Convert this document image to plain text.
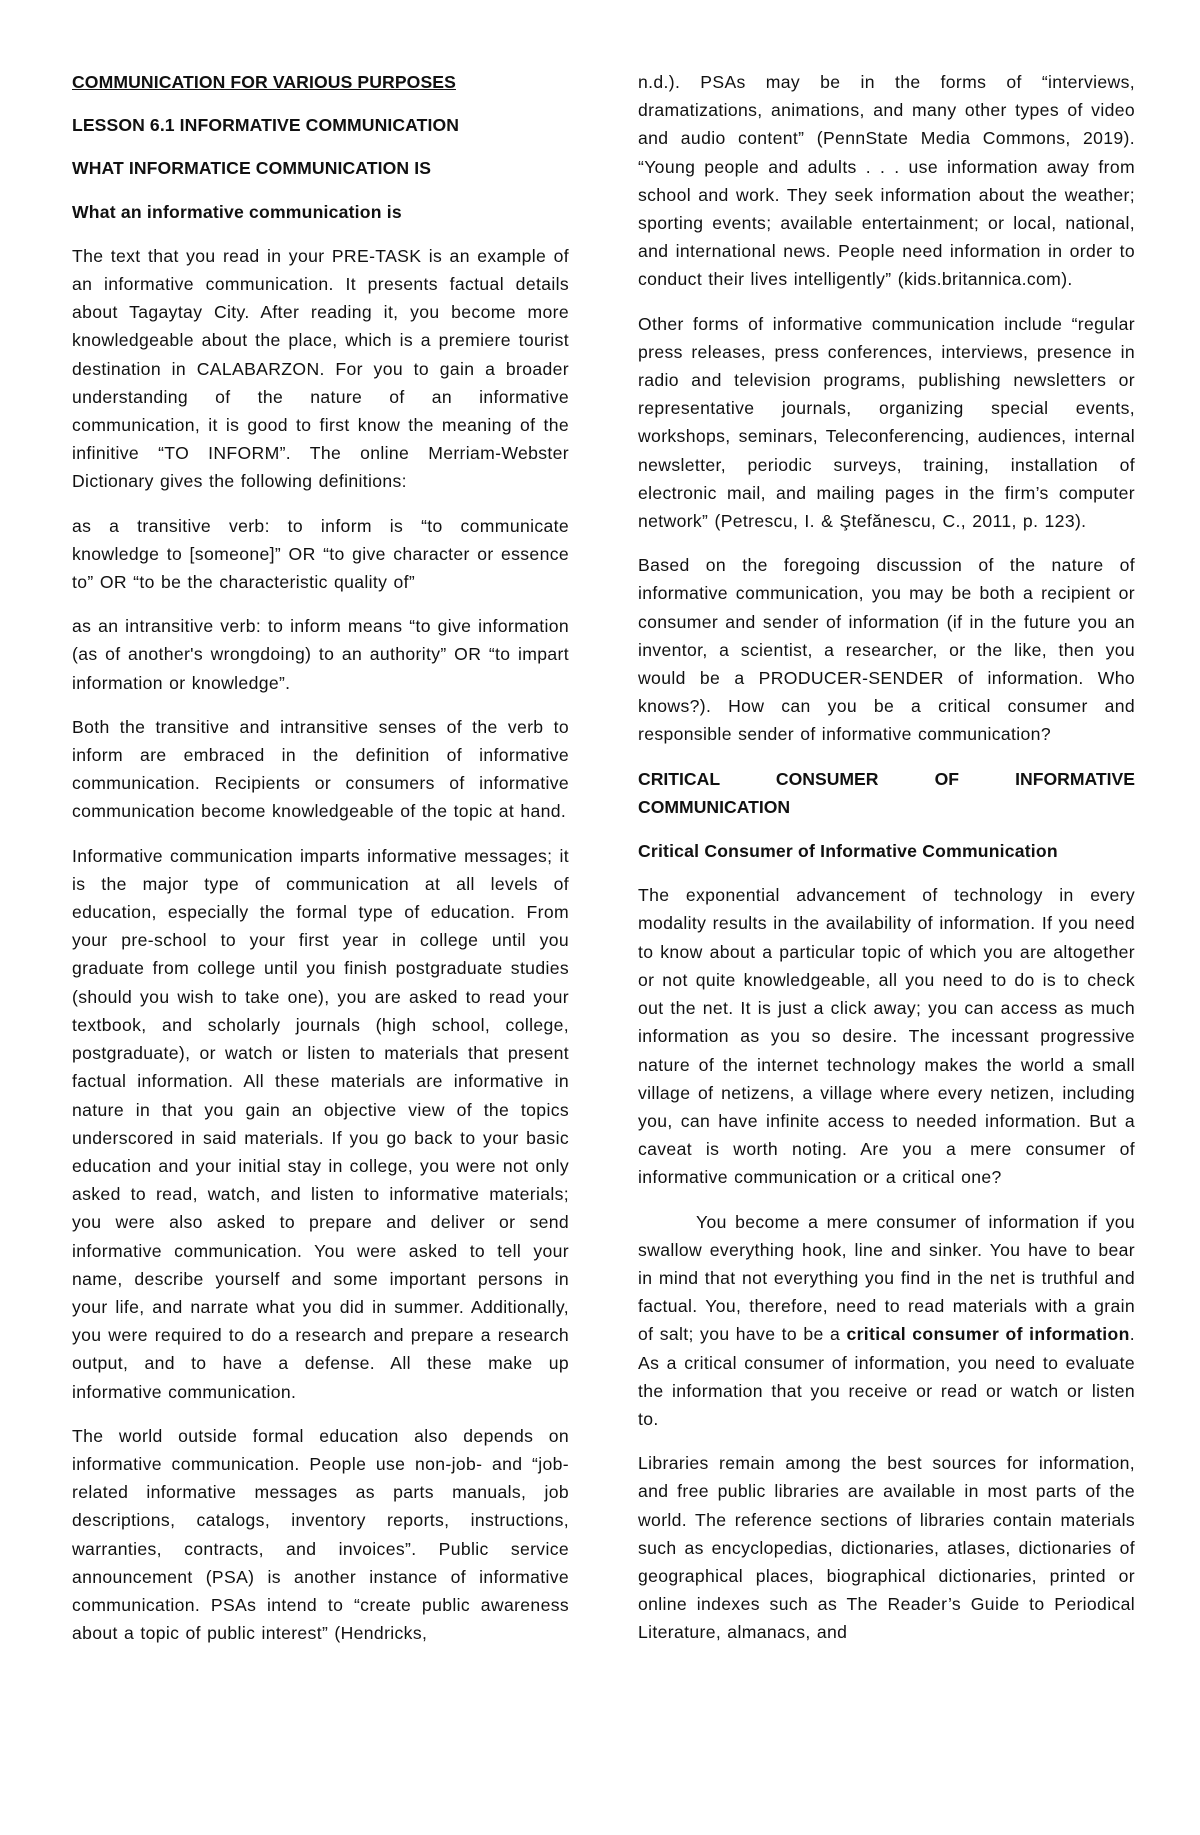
COMMUNICATION FOR VARIOUS PURPOSES
LESSON 6.1 INFORMATIVE COMMUNICATION
WHAT INFORMATICE COMMUNICATION IS
What an informative communication is

The text that you read in your PRE-TASK is an example of an informative communication. It presents factual details about Tagaytay City. After reading it, you become more knowledgeable about the place, which is a premiere tourist destination in CALABARZON. For you to gain a broader understanding of the nature of an informative communication, it is good to first know the meaning of the infinitive “TO INFORM”. The online Merriam-Webster Dictionary gives the following definitions:

as a transitive verb: to inform is “to communicate knowledge to [someone]” OR “to give character or essence to” OR “to be the characteristic quality of”

as an intransitive verb: to inform means “to give information (as of another's wrongdoing) to an authority” OR “to impart information or knowledge”.

Both the transitive and intransitive senses of the verb to inform are embraced in the definition of informative communication. Recipients or consumers of informative communication become knowledgeable of the topic at hand.

Informative communication imparts informative messages; it is the major type of communication at all levels of education, especially the formal type of education. From your pre-school to your first year in college until you graduate from college until you finish postgraduate studies (should you wish to take one), you are asked to read your textbook, and scholarly journals (high school, college, postgraduate), or watch or listen to materials that present factual information. All these materials are informative in nature in that you gain an objective view of the topics underscored in said materials. If you go back to your basic education and your initial stay in college, you were not only asked to read, watch, and listen to informative materials; you were also asked to prepare and deliver or send informative communication. You were asked to tell your name, describe yourself and some important persons in your life, and narrate what you did in summer. Additionally, you were required to do a research and prepare a research output, and to have a defense. All these make up informative communication.

The world outside formal education also depends on informative communication. People use non-job- and “job-related informative messages as parts manuals, job descriptions, catalogs, inventory reports, instructions, warranties, contracts, and invoices”. Public service announcement (PSA) is another instance of informative communication. PSAs intend to “create public awareness about a topic of public interest” (Hendricks,

n.d.). PSAs may be in the forms of “interviews, dramatizations, animations, and many other types of video and audio content” (PennState Media Commons, 2019). “Young people and adults . . . use information away from school and work. They seek information about the weather; sporting events; available entertainment; or local, national, and international news. People need information in order to conduct their lives intelligently” (kids.britannica.com).

Other forms of informative communication include “regular press releases, press conferences, interviews, presence in radio and television programs, publishing newsletters or representative journals, organizing special events, workshops, seminars, Teleconferencing, audiences, internal newsletter, periodic surveys, training, installation of electronic mail, and mailing pages in the firm’s computer network” (Petrescu, I. & Ştefănescu, C., 2011, p. 123).

Based on the foregoing discussion of the nature of informative communication, you may be both a recipient or consumer and sender of information (if in the future you an inventor, a scientist, a researcher, or the like, then you would be a PRODUCER-SENDER of information. Who knows?). How can you be a critical consumer and responsible sender of informative communication?

CRITICAL CONSUMER OF INFORMATIVE COMMUNICATION
Critical Consumer of Informative Communication

The exponential advancement of technology in every modality results in the availability of information. If you need to know about a particular topic of which you are altogether or not quite knowledgeable, all you need to do is to check out the net. It is just a click away; you can access as much information as you so desire. The incessant progressive nature of the internet technology makes the world a small village of netizens, a village where every netizen, including you, can have infinite access to needed information. But a caveat is worth noting. Are you a mere consumer of informative communication or a critical one?

You become a mere consumer of information if you swallow everything hook, line and sinker. You have to bear in mind that not everything you find in the net is truthful and factual. You, therefore, need to read materials with a grain of salt; you have to be a critical consumer of information. As a critical consumer of information, you need to evaluate the information that you receive or read or watch or listen to.

Libraries remain among the best sources for information, and free public libraries are available in most parts of the world. The reference sections of libraries contain materials such as encyclopedias, dictionaries, atlases, dictionaries of geographical places, biographical dictionaries, printed or online indexes such as The Reader’s Guide to Periodical Literature, almanacs, and
